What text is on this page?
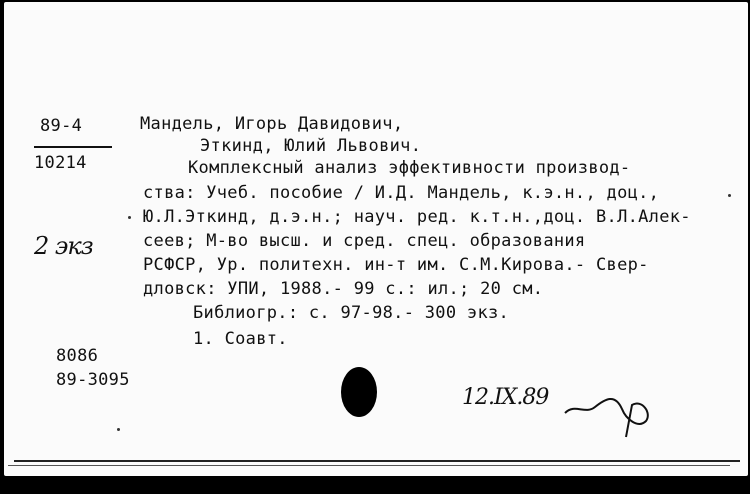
89-4
10214
2 экз
Мандель, Игорь Давидович,
Эткинд, Юлий Львович.
Комплексный анализ эффективности производ-
ства: Учеб. пособие / И.Д. Мандель, к.э.н., доц.,
Ю.Л.Эткинд, д.э.н.; науч. ред. к.т.н.,доц. В.Л.Алек-
сеев; М-во высш. и сред. спец. образования
РСФСР, Ур. политехн. ин-т им. С.М.Кирова.- Свер-
дловск: УПИ, 1988.- 99 с.: ил.; 20 см.
Библиогр.: с. 97-98.- 300 экз.
1. Соавт.
8086
89-3095
12.IX.89
